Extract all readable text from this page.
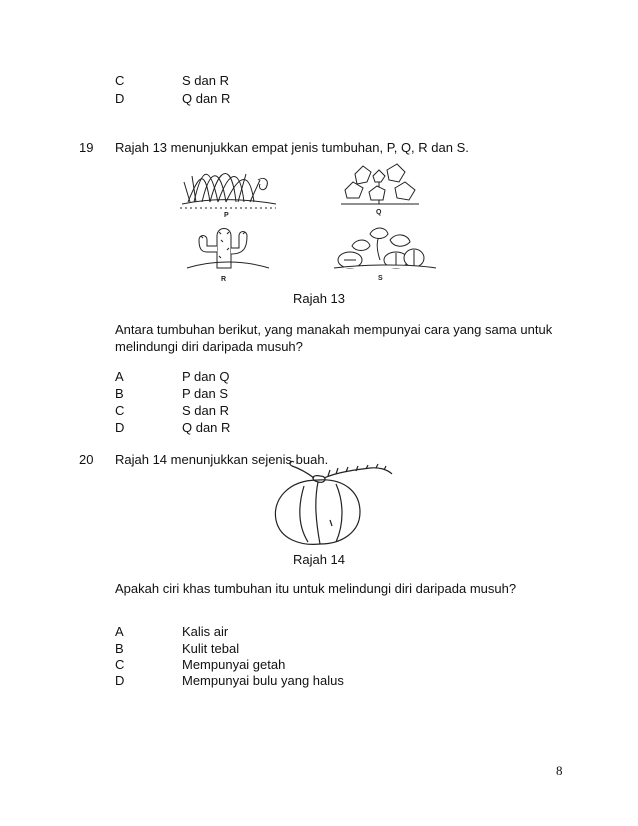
C	S dan R
D	Q dan R
19 Rajah 13 menunjukkan empat jenis tumbuhan, P, Q, R dan S.
P	Q
R	S
Rajah 13
Antara tumbuhan berikut, yang manakah mempunyai cara yang sama untuk
melindungi diri daripada musuh?
A	P dan Q
B	P dan S
C	S dan R
D	Q dan R
20 Rajah 14 menunjukkan sejenis buah.
Rajah 14
Apakah ciri khas tumbuhan itu untuk melindungi diri daripada musuh?
A	Kalis air
B	Kulit tebal
C	Mempunyai getah
D	Mempunyai bulu yang halus
8
